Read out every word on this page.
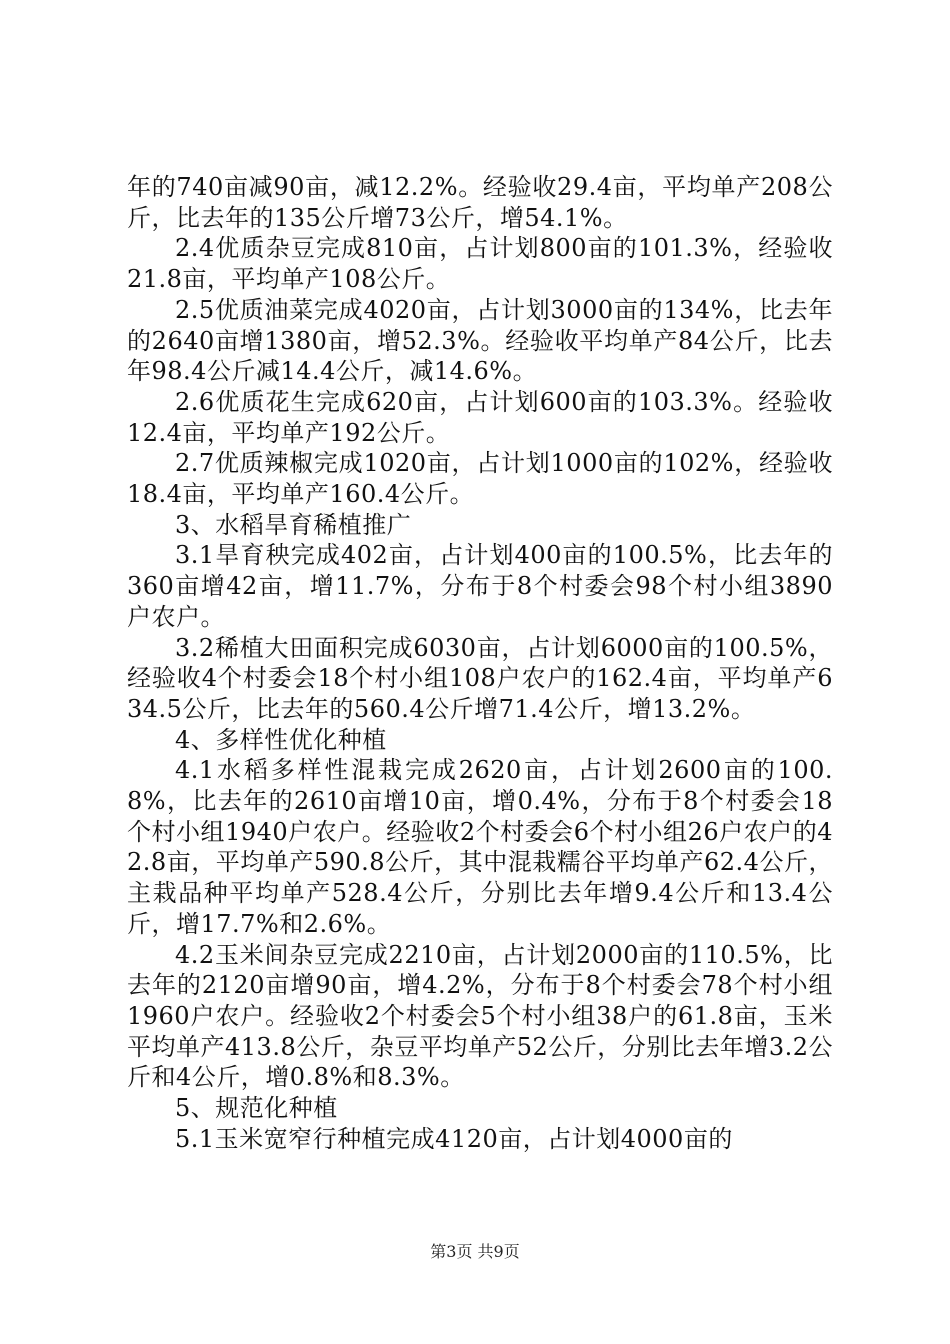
年的740亩减90亩，减12.2%。经验收29.4亩，平均单产208公斤，比去年的135公斤增73公斤，增54.1%。

2.4优质杂豆完成810亩，占计划800亩的101.3%，经验收21.8亩，平均单产108公斤。

2.5优质油菜完成4020亩，占计划3000亩的134%，比去年的2640亩增1380亩，增52.3%。经验收平均单产84公斤，比去年98.4公斤减14.4公斤，减14.6%。

2.6优质花生完成620亩，占计划600亩的103.3%。经验收12.4亩，平均单产192公斤。

2.7优质辣椒完成1020亩，占计划1000亩的102%，经验收18.4亩，平均单产160.4公斤。

3、水稻旱育稀植推广

3.1旱育秧完成402亩，占计划400亩的100.5%，比去年的360亩增42亩，增11.7%，分布于8个村委会98个村小组3890户农户。

3.2稀植大田面积完成6030亩，占计划6000亩的100.5%，经验收4个村委会18个村小组108户农户的162.4亩，平均单产634.5公斤，比去年的560.4公斤增71.4公斤，增13.2%。

4、多样性优化种植

4.1水稻多样性混栽完成2620亩，占计划2600亩的100.8%，比去年的2610亩增10亩，增0.4%，分布于8个村委会18个村小组1940户农户。经验收2个村委会6个村小组26户农户的42.8亩，平均单产590.8公斤，其中混栽糯谷平均单产62.4公斤，主栽品种平均单产528.4公斤，分别比去年增9.4公斤和13.4公斤，增17.7%和2.6%。

4.2玉米间杂豆完成2210亩，占计划2000亩的110.5%，比去年的2120亩增90亩，增4.2%，分布于8个村委会78个村小组1960户农户。经验收2个村委会5个村小组38户的61.8亩，玉米平均单产413.8公斤，杂豆平均单产52公斤，分别比去年增3.2公斤和4公斤，增0.8%和8.3%。

5、规范化种植

5.1玉米宽窄行种植完成4120亩，占计划4000亩的

第3页 共9页
